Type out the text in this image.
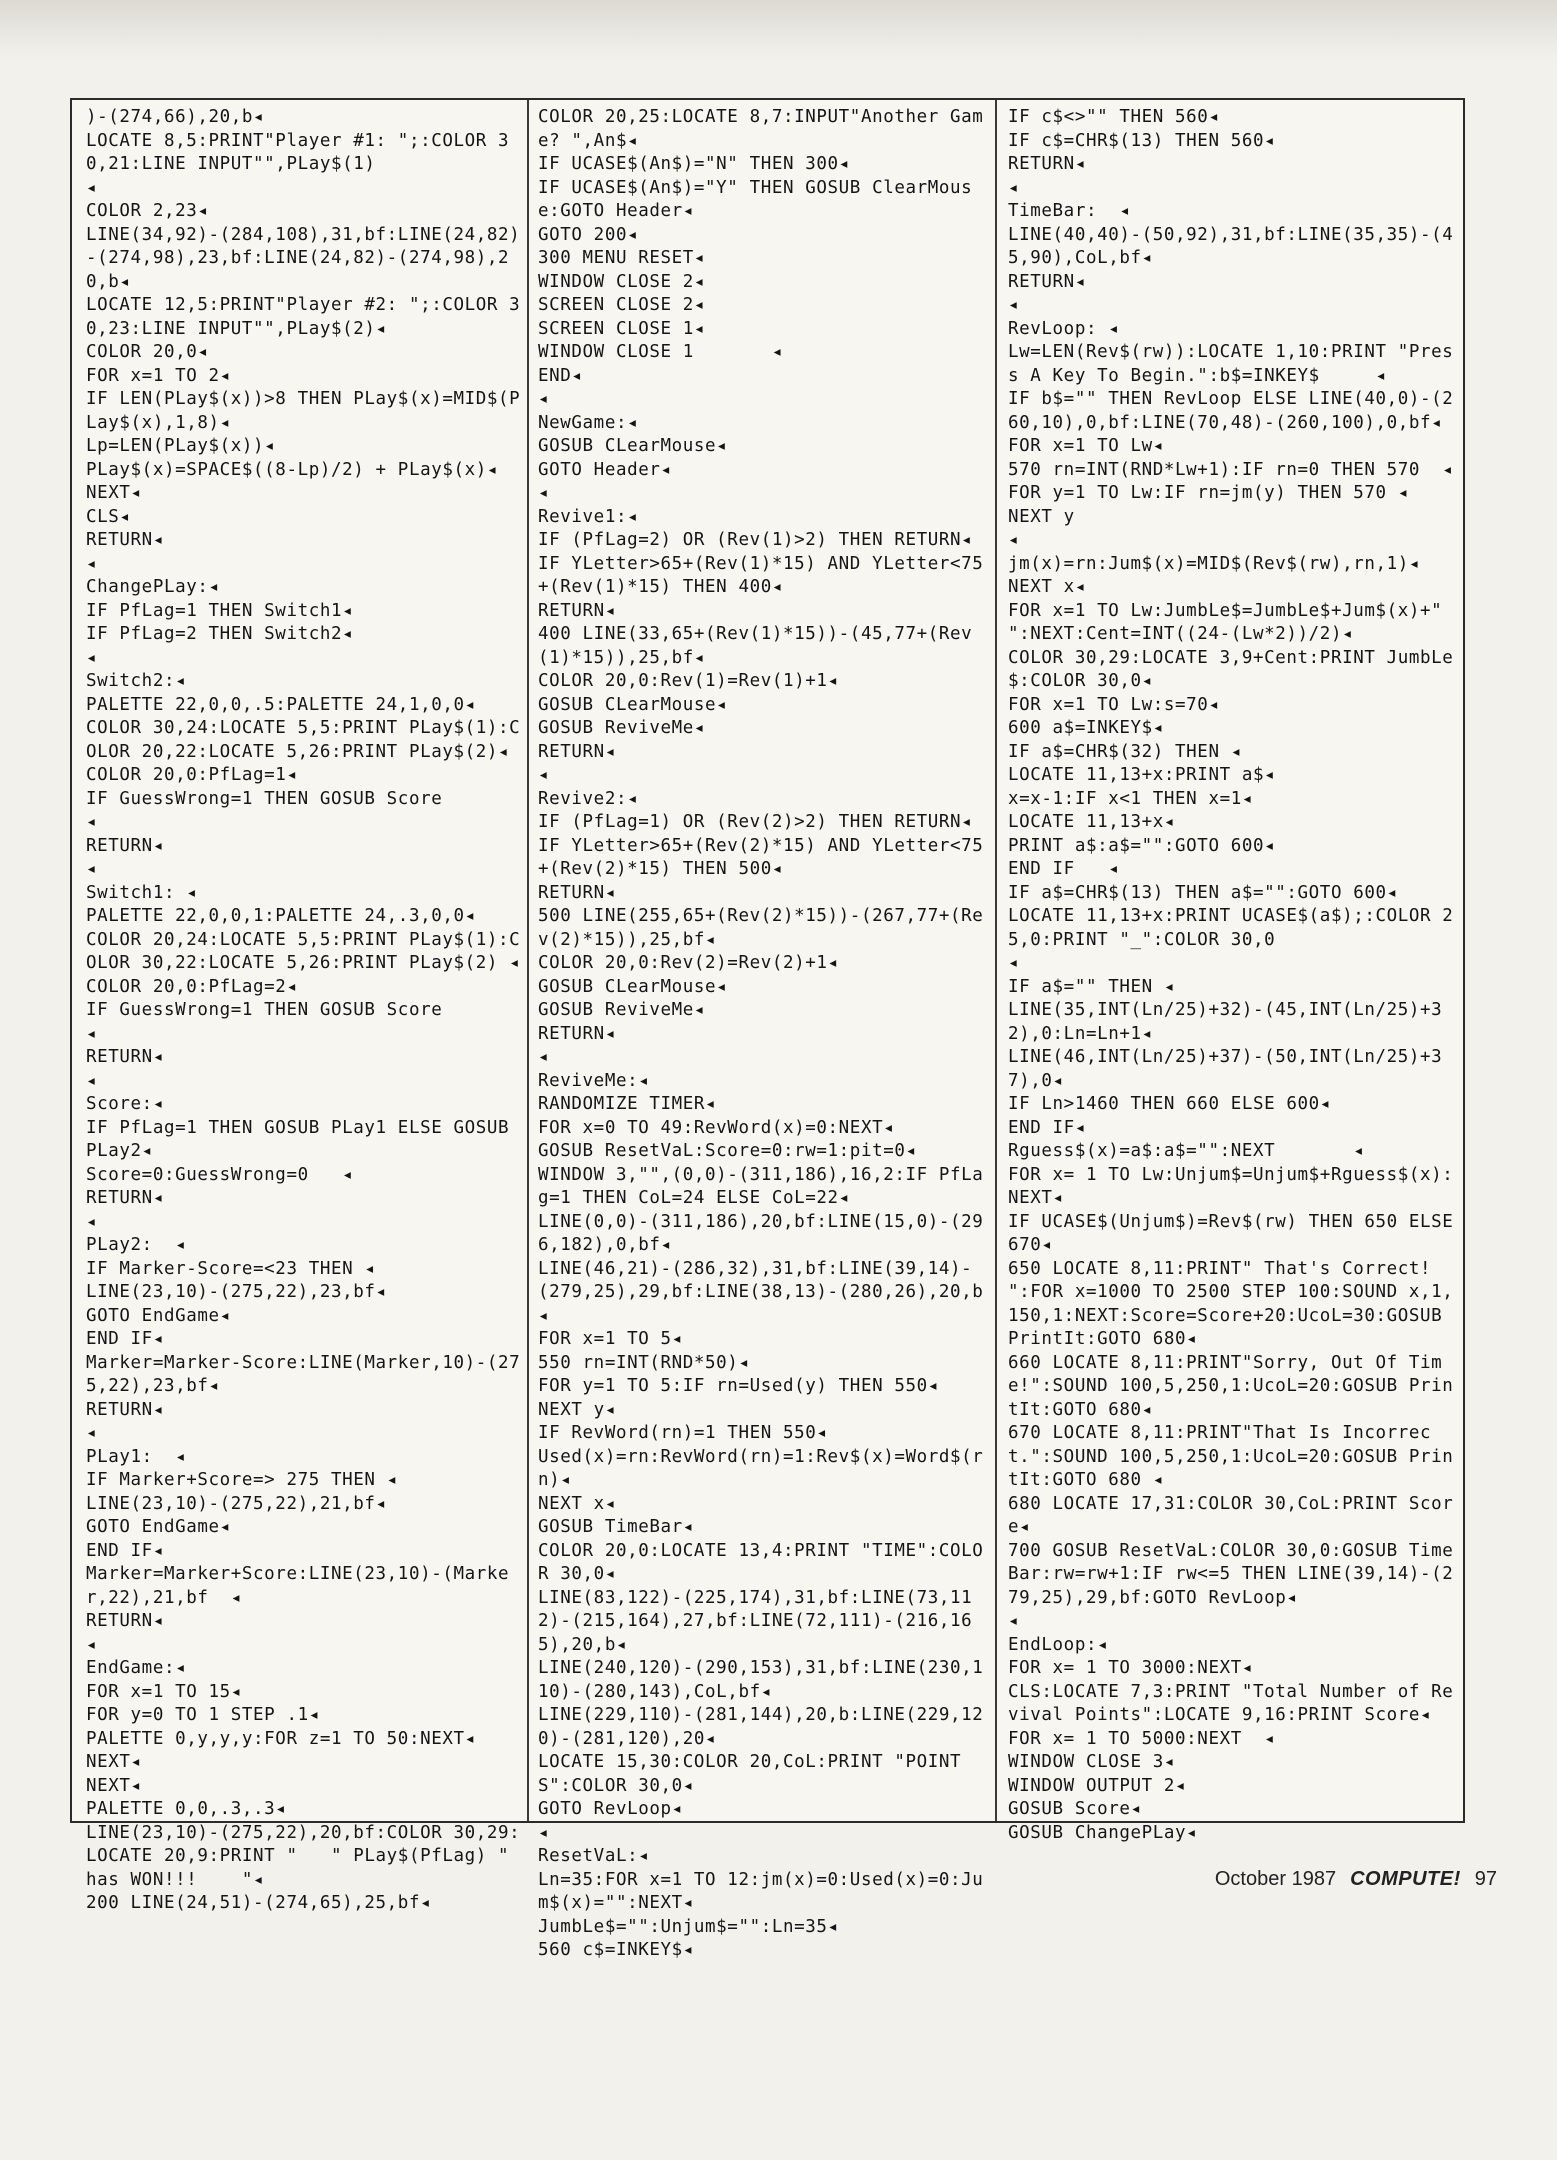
)-(274,66),20,b◂
LOCATE 8,5:PRINT"Player #1: ";:COLOR 30,21:LINE INPUT"",PLay$(1)
◂
COLOR 2,23◂
LINE(34,92)-(284,108),31,bf:LINE(24,82)-(274,98),23,bf:LINE(24,82)-(274,98),20,b◂
LOCATE 12,5:PRINT"Player #2: ";:COLOR 30,23:LINE INPUT"",PLay$(2)◂
COLOR 20,0◂
FOR x=1 TO 2◂
IF LEN(PLay$(x))>8 THEN PLay$(x)=MID$(PLay$(x),1,8)◂
Lp=LEN(PLay$(x))◂
PLay$(x)=SPACE$((8-Lp)/2) + PLay$(x)◂
NEXT◂
CLS◂
RETURN◂
◂
ChangePLay:◂
IF PfLag=1 THEN Switch1◂
IF PfLag=2 THEN Switch2◂
◂
Switch2:◂
PALETTE 22,0,0,.5:PALETTE 24,1,0,0◂
COLOR 30,24:LOCATE 5,5:PRINT PLay$(1):COLOR 20,22:LOCATE 5,26:PRINT PLay$(2)◂
COLOR 20,0:PfLag=1◂
IF GuessWrong=1 THEN GOSUB Score
◂
RETURN◂
◂
Switch1: ◂
PALETTE 22,0,0,1:PALETTE 24,.3,0,0◂
COLOR 20,24:LOCATE 5,5:PRINT PLay$(1):COLOR 30,22:LOCATE 5,26:PRINT PLay$(2) ◂
COLOR 20,0:PfLag=2◂
IF GuessWrong=1 THEN GOSUB Score
◂
RETURN◂
◂
Score:◂
IF PfLag=1 THEN GOSUB PLay1 ELSE GOSUB PLay2◂
Score=0:GuessWrong=0   ◂
RETURN◂
◂
PLay2:  ◂
IF Marker-Score=<23 THEN ◂
LINE(23,10)-(275,22),23,bf◂
GOTO EndGame◂
END IF◂
Marker=Marker-Score:LINE(Marker,10)-(275,22),23,bf◂
RETURN◂
◂
PLay1:  ◂
IF Marker+Score=> 275 THEN ◂
LINE(23,10)-(275,22),21,bf◂
GOTO EndGame◂
END IF◂
Marker=Marker+Score:LINE(23,10)-(Marker,22),21,bf  ◂
RETURN◂
◂
EndGame:◂
FOR x=1 TO 15◂
FOR y=0 TO 1 STEP .1◂
PALETTE 0,y,y,y:FOR z=1 TO 50:NEXT◂
NEXT◂
NEXT◂
PALETTE 0,0,.3,.3◂
LINE(23,10)-(275,22),20,bf:COLOR 30,29:LOCATE 20,9:PRINT "   " PLay$(PfLag) " has WON!!!    "◂
200 LINE(24,51)-(274,65),25,bf◂
COLOR 20,25:LOCATE 8,7:INPUT"Another Game? ",An$◂
IF UCASE$(An$)="N" THEN 300◂
IF UCASE$(An$)="Y" THEN GOSUB ClearMouse:GOTO Header◂
GOTO 200◂
300 MENU RESET◂
WINDOW CLOSE 2◂
SCREEN CLOSE 2◂
SCREEN CLOSE 1◂
WINDOW CLOSE 1       ◂
END◂
◂
NewGame:◂
GOSUB CLearMouse◂
GOTO Header◂
◂
Revive1:◂
IF (PfLag=2) OR (Rev(1)>2) THEN RETURN◂
IF YLetter>65+(Rev(1)*15) AND YLetter<75+(Rev(1)*15) THEN 400◂
RETURN◂
400 LINE(33,65+(Rev(1)*15))-(45,77+(Rev(1)*15)),25,bf◂
COLOR 20,0:Rev(1)=Rev(1)+1◂
GOSUB CLearMouse◂
GOSUB ReviveMe◂
RETURN◂
◂
Revive2:◂
IF (PfLag=1) OR (Rev(2)>2) THEN RETURN◂
IF YLetter>65+(Rev(2)*15) AND YLetter<75+(Rev(2)*15) THEN 500◂
RETURN◂
500 LINE(255,65+(Rev(2)*15))-(267,77+(Rev(2)*15)),25,bf◂
COLOR 20,0:Rev(2)=Rev(2)+1◂
GOSUB CLearMouse◂
GOSUB ReviveMe◂
RETURN◂
◂
ReviveMe:◂
RANDOMIZE TIMER◂
FOR x=0 TO 49:RevWord(x)=0:NEXT◂
GOSUB ResetVaL:Score=0:rw=1:pit=0◂
WINDOW 3,"",(0,0)-(311,186),16,2:IF PfLag=1 THEN CoL=24 ELSE CoL=22◂
LINE(0,0)-(311,186),20,bf:LINE(15,0)-(296,182),0,bf◂
LINE(46,21)-(286,32),31,bf:LINE(39,14)-(279,25),29,bf:LINE(38,13)-(280,26),20,b◂
FOR x=1 TO 5◂
550 rn=INT(RND*50)◂
FOR y=1 TO 5:IF rn=Used(y) THEN 550◂
NEXT y◂
IF RevWord(rn)=1 THEN 550◂
Used(x)=rn:RevWord(rn)=1:Rev$(x)=Word$(rn)◂
NEXT x◂
GOSUB TimeBar◂
COLOR 20,0:LOCATE 13,4:PRINT "TIME":COLOR 30,0◂
LINE(83,122)-(225,174),31,bf:LINE(73,112)-(215,164),27,bf:LINE(72,111)-(216,165),20,b◂
LINE(240,120)-(290,153),31,bf:LINE(230,110)-(280,143),CoL,bf◂
LINE(229,110)-(281,144),20,b:LINE(229,120)-(281,120),20◂
LOCATE 15,30:COLOR 20,CoL:PRINT "POINTS":COLOR 30,0◂
GOTO RevLoop◂
◂
ResetVaL:◂
Ln=35:FOR x=1 TO 12:jm(x)=0:Used(x)=0:Jum$(x)="":NEXT◂
JumbLe$="":Unjum$="":Ln=35◂
560 c$=INKEY$◂
IF c$<>"" THEN 560◂
IF c$=CHR$(13) THEN 560◂
RETURN◂
◂
TimeBar:  ◂
LINE(40,40)-(50,92),31,bf:LINE(35,35)-(45,90),CoL,bf◂
RETURN◂
◂
RevLoop: ◂
Lw=LEN(Rev$(rw)):LOCATE 1,10:PRINT "Press A Key To Begin.":b$=INKEY$     ◂
IF b$="" THEN RevLoop ELSE LINE(40,0)-(260,10),0,bf:LINE(70,48)-(260,100),0,bf◂
FOR x=1 TO Lw◂
570 rn=INT(RND*Lw+1):IF rn=0 THEN 570  ◂
FOR y=1 TO Lw:IF rn=jm(y) THEN 570 ◂
NEXT y
◂
jm(x)=rn:Jum$(x)=MID$(Rev$(rw),rn,1)◂
NEXT x◂
FOR x=1 TO Lw:JumbLe$=JumbLe$+Jum$(x)+" ":NEXT:Cent=INT((24-(Lw*2))/2)◂
COLOR 30,29:LOCATE 3,9+Cent:PRINT JumbLe$:COLOR 30,0◂
FOR x=1 TO Lw:s=70◂
600 a$=INKEY$◂
IF a$=CHR$(32) THEN ◂
LOCATE 11,13+x:PRINT a$◂
x=x-1:IF x<1 THEN x=1◂
LOCATE 11,13+x◂
PRINT a$:a$="":GOTO 600◂
END IF   ◂
IF a$=CHR$(13) THEN a$="":GOTO 600◂
LOCATE 11,13+x:PRINT UCASE$(a$);:COLOR 25,0:PRINT "_":COLOR 30,0
◂
IF a$="" THEN ◂
LINE(35,INT(Ln/25)+32)-(45,INT(Ln/25)+32),0:Ln=Ln+1◂
LINE(46,INT(Ln/25)+37)-(50,INT(Ln/25)+37),0◂
IF Ln>1460 THEN 660 ELSE 600◂
END IF◂
Rguess$(x)=a$:a$="":NEXT       ◂
FOR x= 1 TO Lw:Unjum$=Unjum$+Rguess$(x):NEXT◂
IF UCASE$(Unjum$)=Rev$(rw) THEN 650 ELSE 670◂
650 LOCATE 8,11:PRINT" That's Correct! ":FOR x=1000 TO 2500 STEP 100:SOUND x,1,150,1:NEXT:Score=Score+20:UcoL=30:GOSUB PrintIt:GOTO 680◂
660 LOCATE 8,11:PRINT"Sorry, Out Of Time!":SOUND 100,5,250,1:UcoL=20:GOSUB PrintIt:GOTO 680◂
670 LOCATE 8,11:PRINT"That Is Incorrect.":SOUND 100,5,250,1:UcoL=20:GOSUB PrintIt:GOTO 680 ◂
680 LOCATE 17,31:COLOR 30,CoL:PRINT Score◂
700 GOSUB ResetVaL:COLOR 30,0:GOSUB TimeBar:rw=rw+1:IF rw<=5 THEN LINE(39,14)-(279,25),29,bf:GOTO RevLoop◂
◂
EndLoop:◂
FOR x= 1 TO 3000:NEXT◂
CLS:LOCATE 7,3:PRINT "Total Number of Revival Points":LOCATE 9,16:PRINT Score◂
FOR x= 1 TO 5000:NEXT  ◂
WINDOW CLOSE 3◂
WINDOW OUTPUT 2◂
GOSUB Score◂
GOSUB ChangePLay◂
October 1987 COMPUTE! 97
